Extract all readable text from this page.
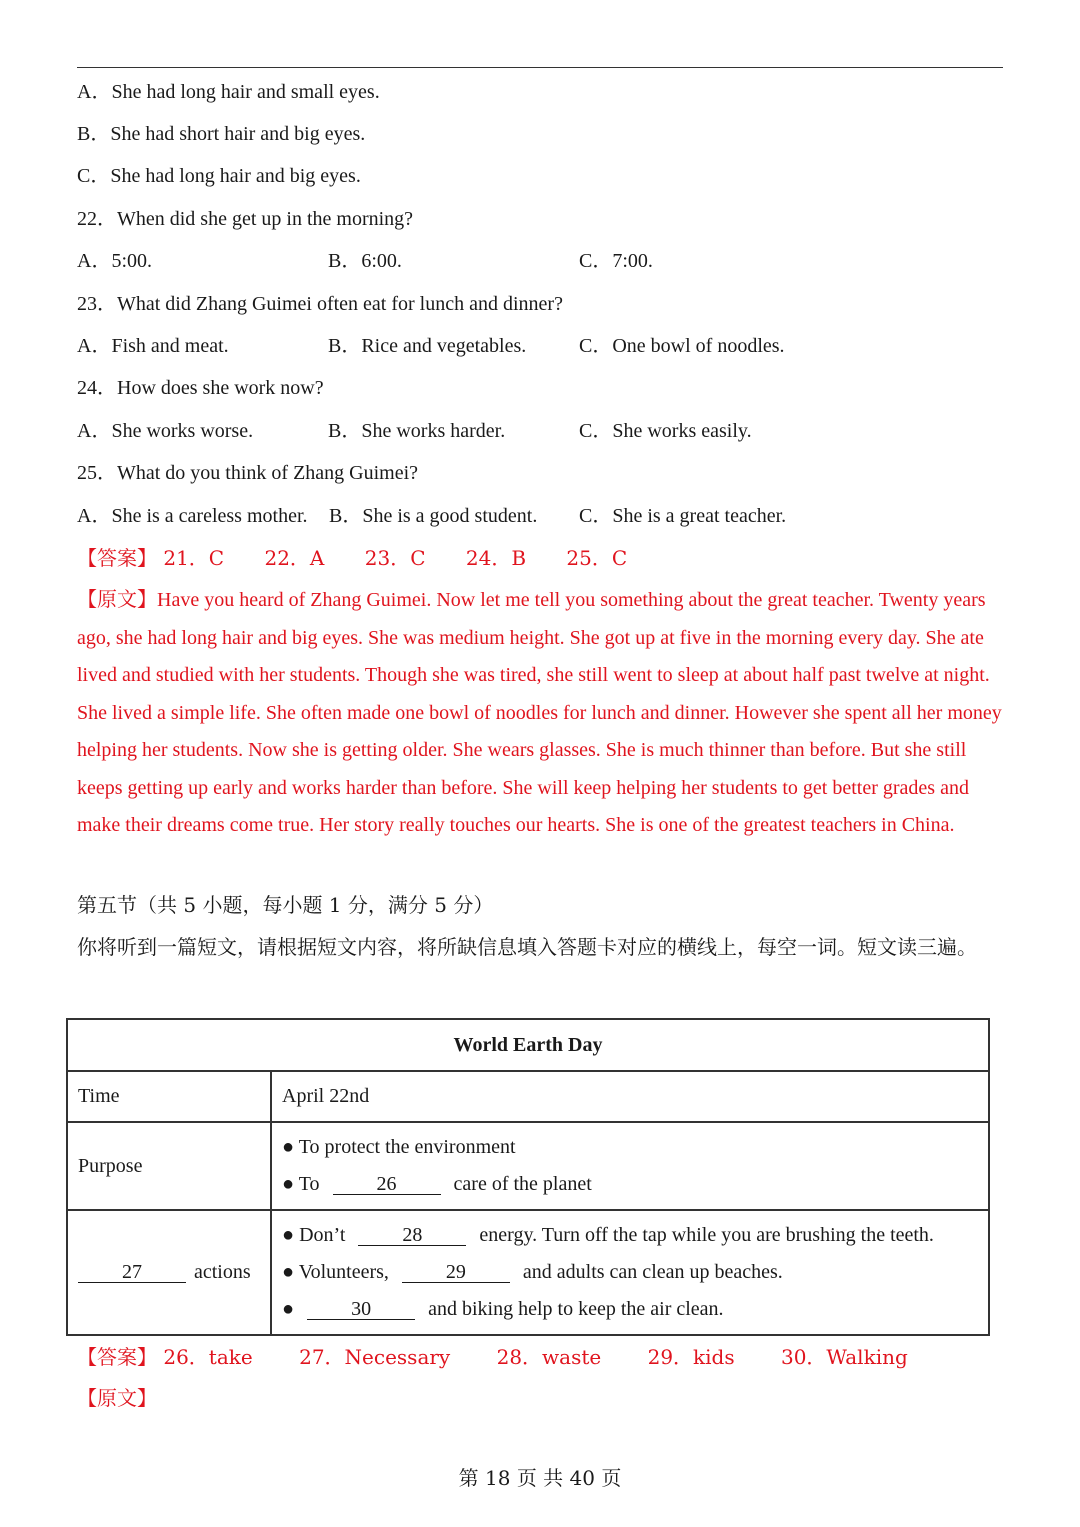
A．She had long hair and small eyes.
B．She had short hair and big eyes.
C．She had long hair and big eyes.
22．When did she get up in the morning?
A．5:00.	B．6:00.	C．7:00.
23．What did Zhang Guimei often eat for lunch and dinner?
A．Fish and meat.	B．Rice and vegetables.	C．One bowl of noodles.
24．How does she work now?
A．She works worse.	B．She works harder.	C．She works easily.
25．What do you think of Zhang Guimei?
A．She is a careless mother. B．She is a good student. C．She is a great teacher.
【答案】 21．C 22．A 23．C 24．B 25．C
【原文】Have you heard of Zhang Guimei. Now let me tell you something about the great teacher. Twenty years ago, she had long hair and big eyes. She was medium height. She got up at five in the morning every day. She ate lived and studied with her students. Though she was tired, she still went to sleep at about half past twelve at night. She lived a simple life. She often made one bowl of noodles for lunch and dinner. However she spent all her money helping her students. Now she is getting older. She wears glasses. She is much thinner than before. But she still keeps getting up early and works harder than before. She will keep helping her students to get better grades and make their dreams come true. Her story really touches our hearts. She is one of the greatest teachers in China.
第五节（共 5 小题，每小题 1 分，满分 5 分）
你将听到一篇短文，请根据短文内容，将所缺信息填入答题卡对应的横线上，每空一词。短文读三遍。
World Earth Day	
Time	April 22nd
Purpose	● To protect the environment
● To 26 care of the planet

27 actions	● Don’t 28 energy. Turn off the tap while you are brushing the teeth.
● Volunteers, 29 and adults can clean up beaches.
● 30 and biking help to keep the air clean.
【答案】 26．take 27．Necessary 28．waste 29．kids 30．Walking
【原文】
第 18 页 共 40 页
